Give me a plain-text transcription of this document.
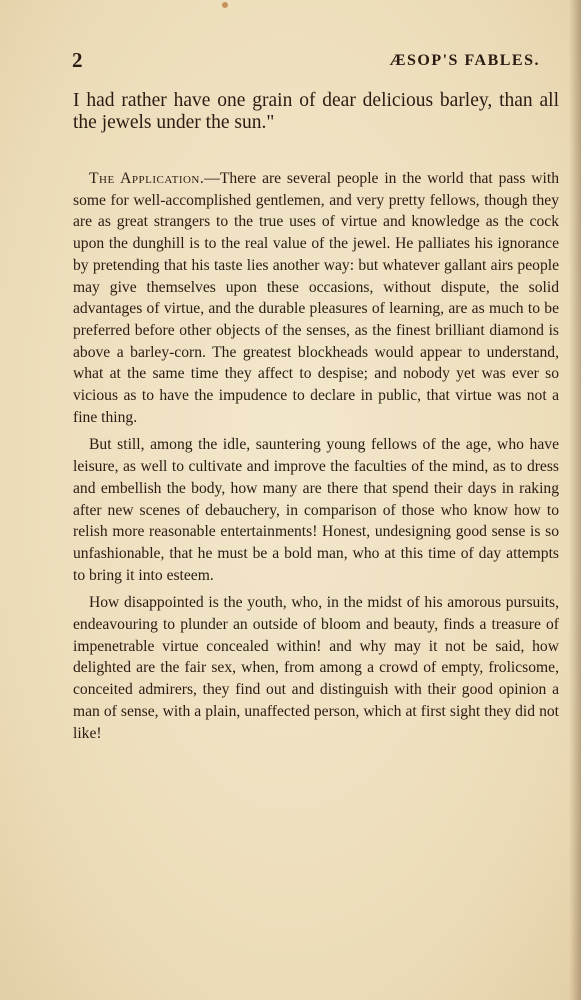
2	ÆSOP'S FABLES.

I had rather have one grain of dear delicious barley, than all the jewels under the sun."

The Application.—There are several people in the world that pass with some for well-accomplished gentlemen, and very pretty fellows, though they are as great strangers to the true uses of virtue and knowledge as the cock upon the dunghill is to the real value of the jewel. He palliates his ignorance by pretending that his taste lies another way: but whatever gallant airs people may give themselves upon these occasions, without dispute, the solid advantages of virtue, and the durable pleasures of learning, are as much to be preferred before other objects of the senses, as the finest brilliant diamond is above a barley-corn. The greatest blockheads would appear to understand, what at the same time they affect to despise; and nobody yet was ever so vicious as to have the impudence to declare in public, that virtue was not a fine thing.

But still, among the idle, sauntering young fellows of the age, who have leisure, as well to cultivate and improve the faculties of the mind, as to dress and embellish the body, how many are there that spend their days in raking after new scenes of debauchery, in comparison of those who know how to relish more reasonable entertainments! Honest, undesigning good sense is so unfashionable, that he must be a bold man, who at this time of day attempts to bring it into esteem.

How disappointed is the youth, who, in the midst of his amorous pursuits, endeavouring to plunder an outside of bloom and beauty, finds a treasure of impenetrable virtue concealed within! and why may it not be said, how delighted are the fair sex, when, from among a crowd of empty, frolicsome, conceited admirers, they find out and distinguish with their good opinion a man of sense, with a plain, unaffected person, which at first sight they did not like!
